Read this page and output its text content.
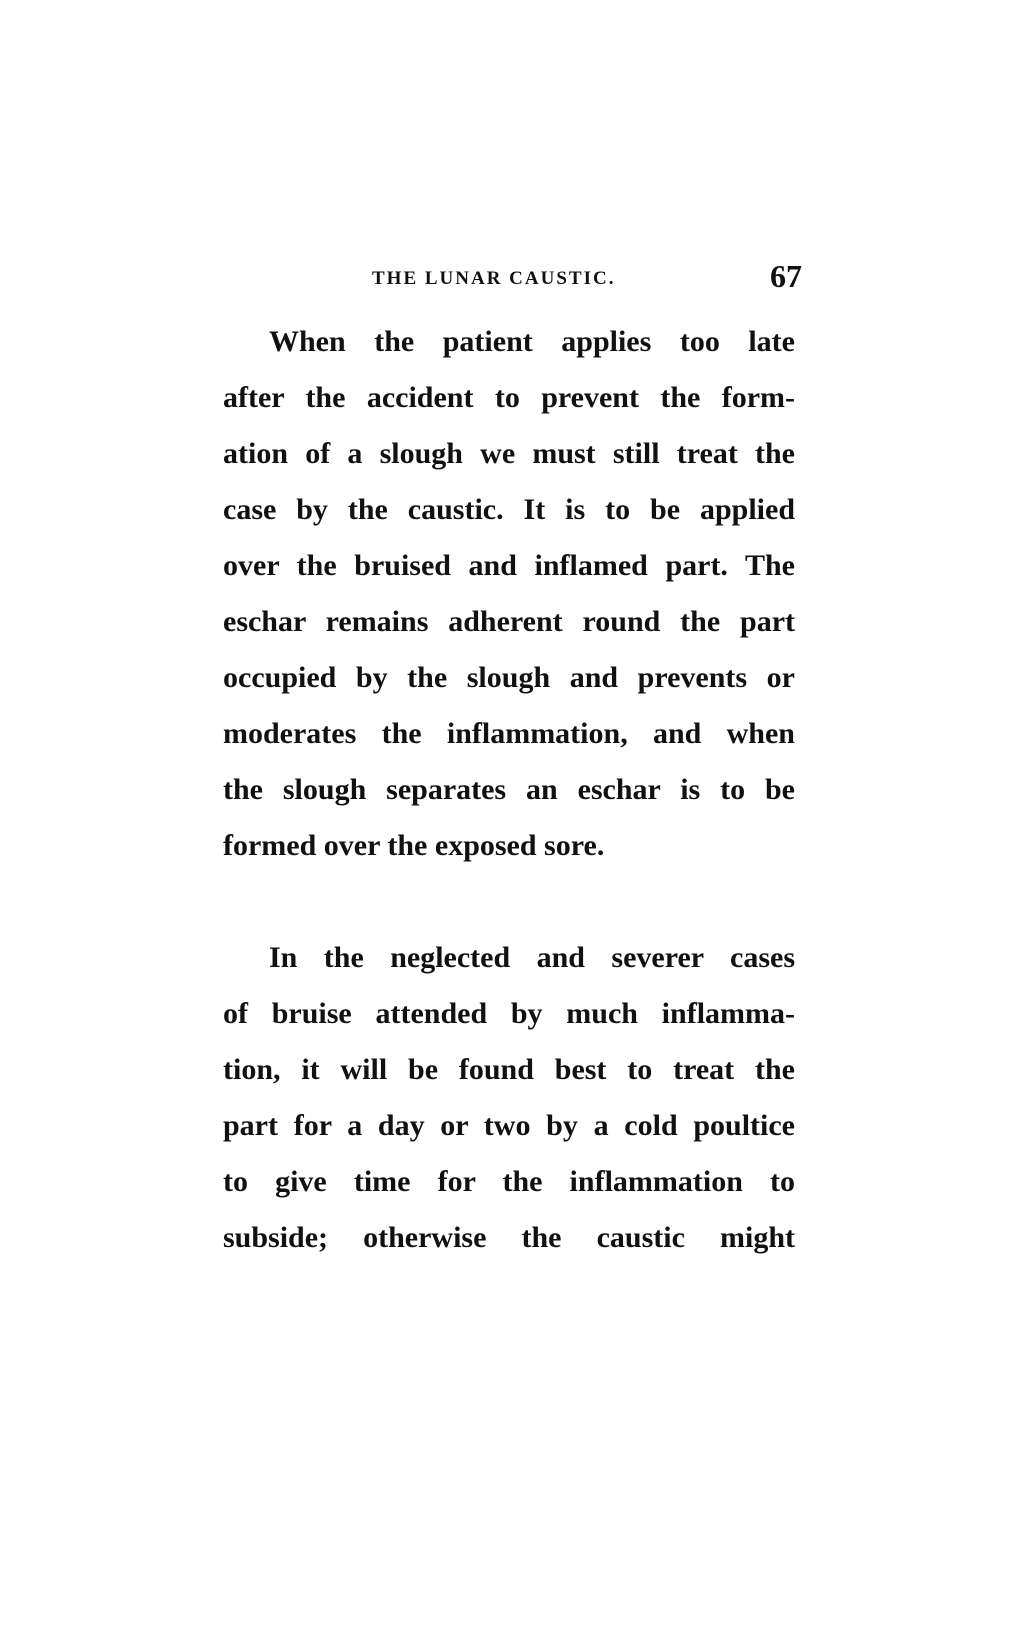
THE LUNAR CAUSTIC.	67
When the patient applies too late
after the accident to prevent the form-
ation of a slough we must still treat the
case by the caustic. It is to be applied
over the bruised and inflamed part. The
eschar remains adherent round the part
occupied by the slough and prevents or
moderates the inflammation, and when
the slough separates an eschar is to be
formed over the exposed sore.
In the neglected and severer cases
of bruise attended by much inflamma-
tion, it will be found best to treat the
part for a day or two by a cold poultice
to give time for the inflammation to
subside; otherwise the caustic might
